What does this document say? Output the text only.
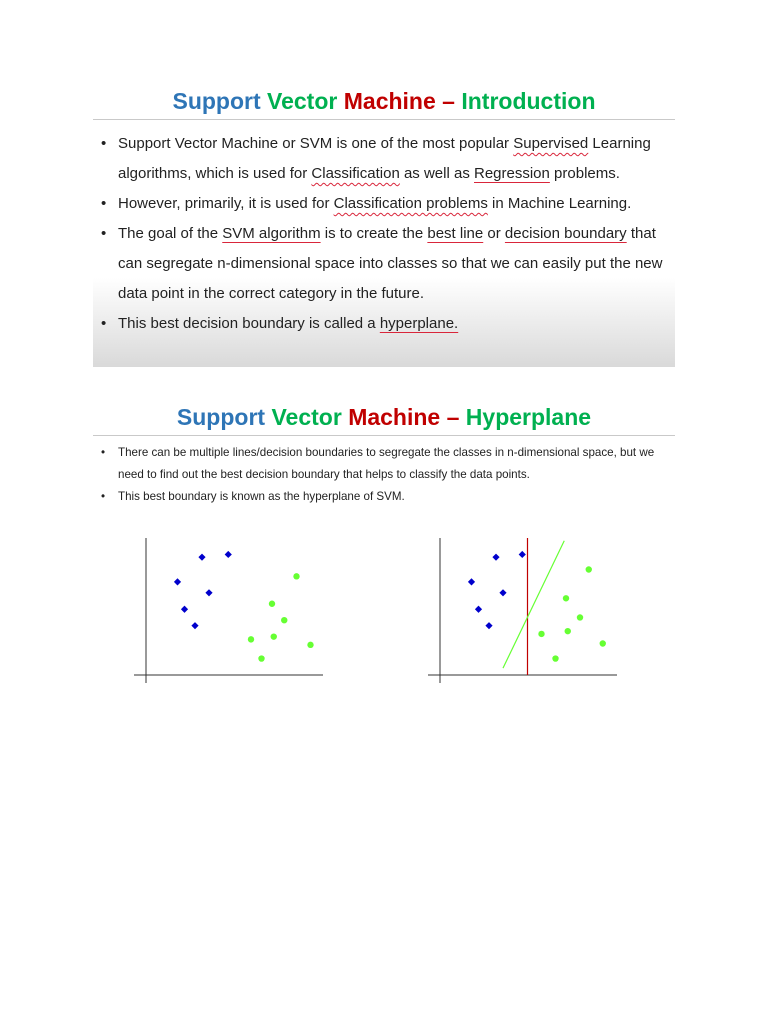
Support Vector Machine – Introduction
• Support Vector Machine or SVM is one of the most popular Supervised Learning algorithms, which is used for Classification as well as Regression problems.
• However, primarily, it is used for Classification problems in Machine Learning.
• The goal of the SVM algorithm is to create the best line or decision boundary that can segregate n-dimensional space into classes so that we can easily put the new data point in the correct category in the future.
• This best decision boundary is called a hyperplane.
Support Vector Machine – Hyperplane
• There can be multiple lines/decision boundaries to segregate the classes in n-dimensional space, but we need to find out the best decision boundary that helps to classify the data points.
• This best boundary is known as the hyperplane of SVM.
